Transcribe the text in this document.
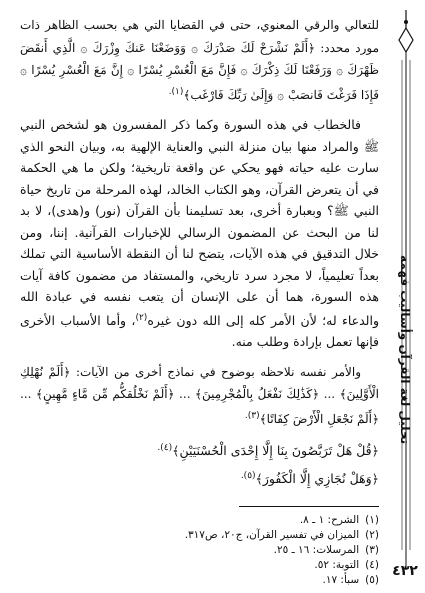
تحليل لغة القرآن وأساليب فهمه
٤٣٢

للتعالي والرقي المعنوي، حتى في القضايا التي هي بحسب الظاهر ذات مورد محدد: ﴿أَلَمْ نَشْرَحْ لَكَ صَدْرَكَ ۞ وَوَضَعْنَا عَنكَ وِزْرَكَ ۞ الَّذِي أَنقَضَ ظَهْرَكَ ۞ وَرَفَعْنَا لَكَ ذِكْرَكَ ۞ فَإِنَّ مَعَ الْعُسْرِ يُسْرًا ۞ إِنَّ مَعَ الْعُسْرِ يُسْرًا ۞ فَإِذَا فَرَغْتَ فَانصَبْ ۞ وَإِلَىٰ رَبِّكَ فَارْغَب﴾$^{(١).}$

فالخطاب في هذه السورة وكما ذكر المفسرون هو لشخص النبي ﷺ والمراد منها بيان منزلة النبي والعناية الإلهية به، وبيان النحو الذي سارت عليه حياته فهو يحكي عن واقعة تاريخية؛ ولكن ما هي الحكمة في أن يتعرض القرآن، وهو الكتاب الخالد، لهذه المرحلة من تاريخ حياة النبي ﷺ؟ وبعبارة أخرى، بعد تسليمنا بأن القرآن (نور) و(هدى)، لا بد لنا من البحث عن المضمون الرسالي للإخبارات القرآنية. إننا، ومن خلال التدقيق في هذه الآيات، يتضح لنا أن النقطة الأساسية التي تملك بعداً تعليمياً، لا مجرد سرد تاريخي، والمستفاد من مضمون كافة آيات هذه السورة، هما أن على الإنسان أن يتعب نفسه في عبادة الله والدعاء له؛ لأن الأمر كله إلى الله دون غيره$^{(٢)}$، وأما الأسباب الأخرى فإنها تعمل بإرادة وطلب منه.

والأمر نفسه نلاحظه بوضوح في نماذج أخرى من الآيات: ﴿أَلَمْ نُهْلِكِ الْأَوَّلِينَ﴾ ... ﴿كَذَٰلِكَ نَفْعَلُ بِالْمُجْرِمِينَ﴾ ... ﴿أَلَمْ نَخْلُقكُّم مِّن مَّاءٍ مَّهِينٍ﴾ ... ﴿أَلَمْ نَجْعَلِ الْأَرْضَ كِفَاتًا﴾$^{(٣).}$

﴿قُلْ هَلْ تَرَبَّصُونَ بِنَا إِلَّا إِحْدَى الْحُسْنَيَيْنِ﴾$^{(٤).}$
﴿وَهَلْ نُجَازِي إِلَّا الْكَفُورَ﴾$^{(٥).}$
(١)
الشرح: ١ ـ ٨.
(٢)
الميزان في تفسير القرآن، ج٢٠، ص٣١٧.
(٣)
المرسلات: ١٦ ـ ٢٥.
(٤)
التوبة: ٥٢.
(٥)
سبأ: ١٧.
